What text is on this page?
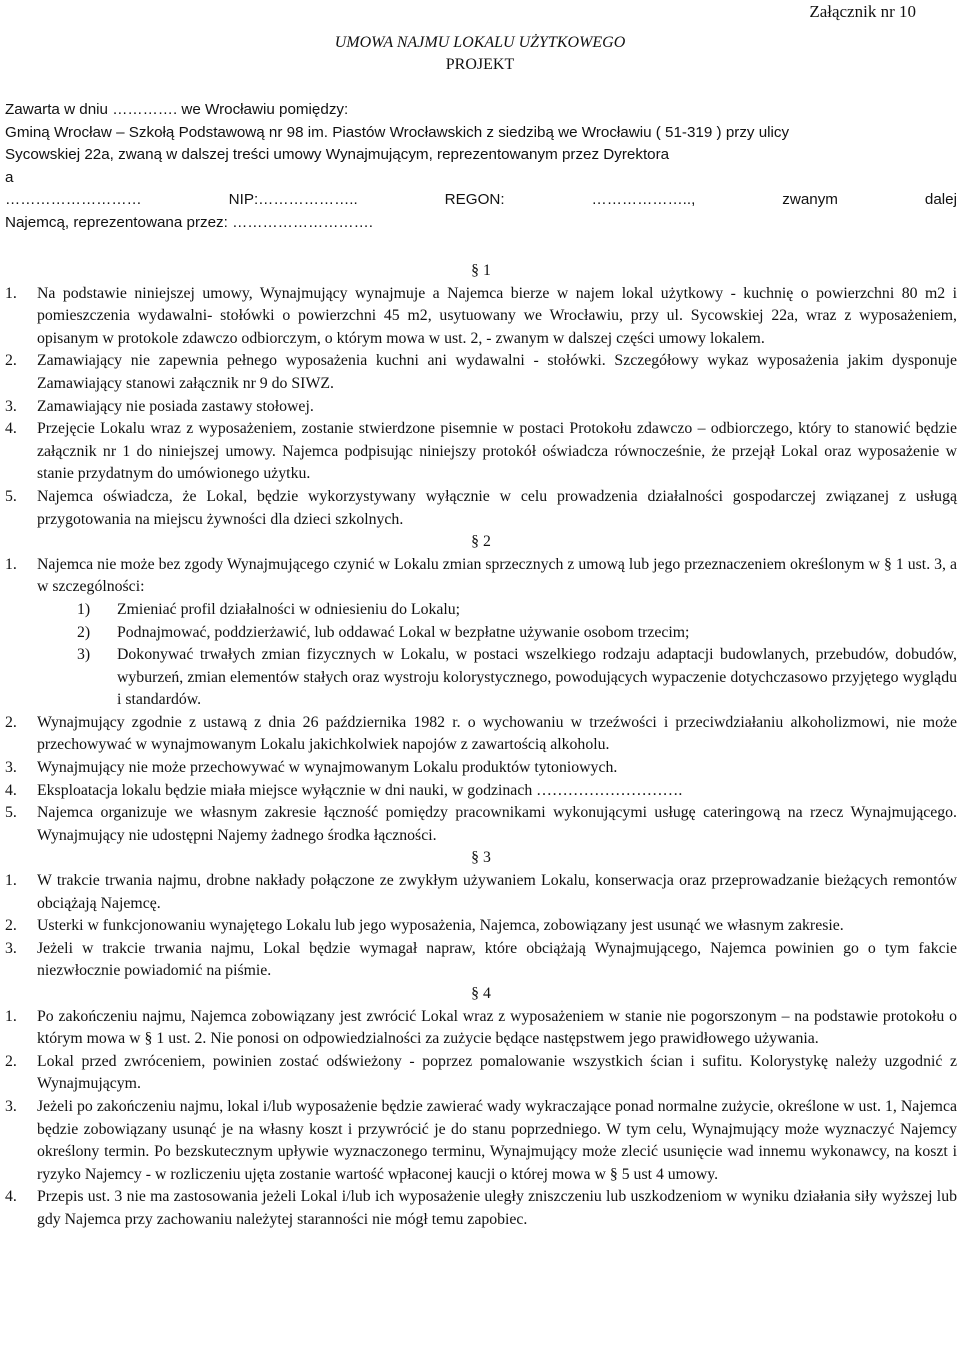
Załącznik nr 10
UMOWA NAJMU LOKALU UŻYTKOWEGO
PROJEKT
Zawarta w dniu …………. we Wrocławiu pomiędzy:
Gminą Wrocław – Szkołą Podstawową nr 98 im. Piastów Wrocławskich z siedzibą we Wrocławiu ( 51-319 ) przy ulicy
Sycowskiej 22a, zwaną w dalszej treści umowy Wynajmującym, reprezentowanym przez Dyrektora
a
……………………… NIP:……………….. REGON: ……………….., zwanym dalej
Najemcą, reprezentowana przez: ……………………….
§ 1
1.	Na podstawie niniejszej umowy, Wynajmujący wynajmuje a Najemca bierze w najem lokal użytkowy - kuchnię o powierzchni 80 m2 i pomieszczenia wydawalni- stołówki o powierzchni 45 m2, usytuowany we Wrocławiu, przy ul. Sycowskiej 22a, wraz z wyposażeniem, opisanym w protokole zdawczo odbiorczym, o którym mowa w ust. 2, - zwanym w dalszej części umowy lokalem.
2.	Zamawiający nie zapewnia pełnego wyposażenia kuchni ani wydawalni - stołówki. Szczegółowy wykaz wyposażenia jakim dysponuje Zamawiający stanowi załącznik nr 9 do SIWZ.
3.	Zamawiający nie posiada zastawy stołowej.
4.	Przejęcie Lokalu wraz z wyposażeniem, zostanie stwierdzone pisemnie w postaci Protokołu zdawczo – odbiorczego, który to stanowić będzie załącznik nr 1 do niniejszej umowy. Najemca podpisując niniejszy protokół oświadcza równocześnie, że przejął Lokal oraz wyposażenie w stanie przydatnym do umówionego użytku.
5.	Najemca oświadcza, że Lokal, będzie wykorzystywany wyłącznie w celu prowadzenia działalności gospodarczej związanej z usługą przygotowania na miejscu żywności dla dzieci szkolnych.
§ 2
1.	Najemca nie może bez zgody Wynajmującego czynić w Lokalu zmian sprzecznych z umową lub jego przeznaczeniem określonym w § 1 ust. 3, a w szczególności:
1)	Zmieniać profil działalności w odniesieniu do Lokalu;
2)	Podnajmować, poddzierżawić, lub oddawać Lokal w bezpłatne używanie osobom trzecim;
3)	Dokonywać trwałych zmian fizycznych w Lokalu, w postaci wszelkiego rodzaju adaptacji budowlanych, przebudów, dobudów, wyburzeń, zmian elementów stałych oraz wystroju kolorystycznego, powodujących wypaczenie dotychczasowo przyjętego wyglądu i standardów.
2.	Wynajmujący zgodnie z ustawą z dnia 26 października 1982 r. o wychowaniu w trzeźwości i przeciwdziałaniu alkoholizmowi, nie może przechowywać w wynajmowanym Lokalu jakichkolwiek napojów z zawartością alkoholu.
3.	Wynajmujący nie może przechowywać w wynajmowanym Lokalu produktów tytoniowych.
4.	Eksploatacja lokalu będzie miała miejsce wyłącznie w dni nauki, w godzinach ……………………….
5.	Najemca organizuje we własnym zakresie łączność pomiędzy pracownikami wykonującymi usługę cateringową na rzecz Wynajmującego. Wynajmujący nie udostępni Najemy żadnego środka łączności.
§ 3
1.	W trakcie trwania najmu, drobne nakłady połączone ze zwykłym używaniem Lokalu, konserwacja oraz przeprowadzanie bieżących remontów obciążają Najemcę.
2.	Usterki w funkcjonowaniu wynajętego Lokalu lub jego wyposażenia, Najemca, zobowiązany jest usunąć we własnym zakresie.
3.	Jeżeli w trakcie trwania najmu, Lokal będzie wymagał napraw, które obciążają Wynajmującego, Najemca powinien go o tym fakcie niezwłocznie powiadomić na piśmie.
§ 4
1.	Po zakończeniu najmu, Najemca zobowiązany jest zwrócić Lokal wraz z wyposażeniem w stanie nie pogorszonym – na podstawie protokołu o którym mowa w § 1 ust. 2. Nie ponosi on odpowiedzialności za zużycie będące następstwem jego prawidłowego używania.
2.	Lokal przed zwróceniem, powinien zostać odświeżony - poprzez pomalowanie wszystkich ścian i sufitu. Kolorystykę należy uzgodnić z Wynajmującym.
3.	Jeżeli po zakończeniu najmu, lokal i/lub wyposażenie będzie zawierać wady wykraczające ponad normalne zużycie, określone w ust. 1, Najemca będzie zobowiązany usunąć je na własny koszt i przywrócić je do stanu poprzedniego. W tym celu, Wynajmujący może wyznaczyć Najemcy określony termin. Po bezskutecznym upływie wyznaczonego terminu, Wynajmujący może zlecić usunięcie wad innemu wykonawcy, na koszt i ryzyko Najemcy - w rozliczeniu ujęta zostanie wartość wpłaconej kaucji o której mowa w § 5 ust 4 umowy.
4.	Przepis ust. 3 nie ma zastosowania jeżeli Lokal i/lub ich wyposażenie uległy zniszczeniu lub uszkodzeniom w wyniku działania siły wyższej lub gdy Najemca przy zachowaniu należytej staranności nie mógł temu zapobiec.
